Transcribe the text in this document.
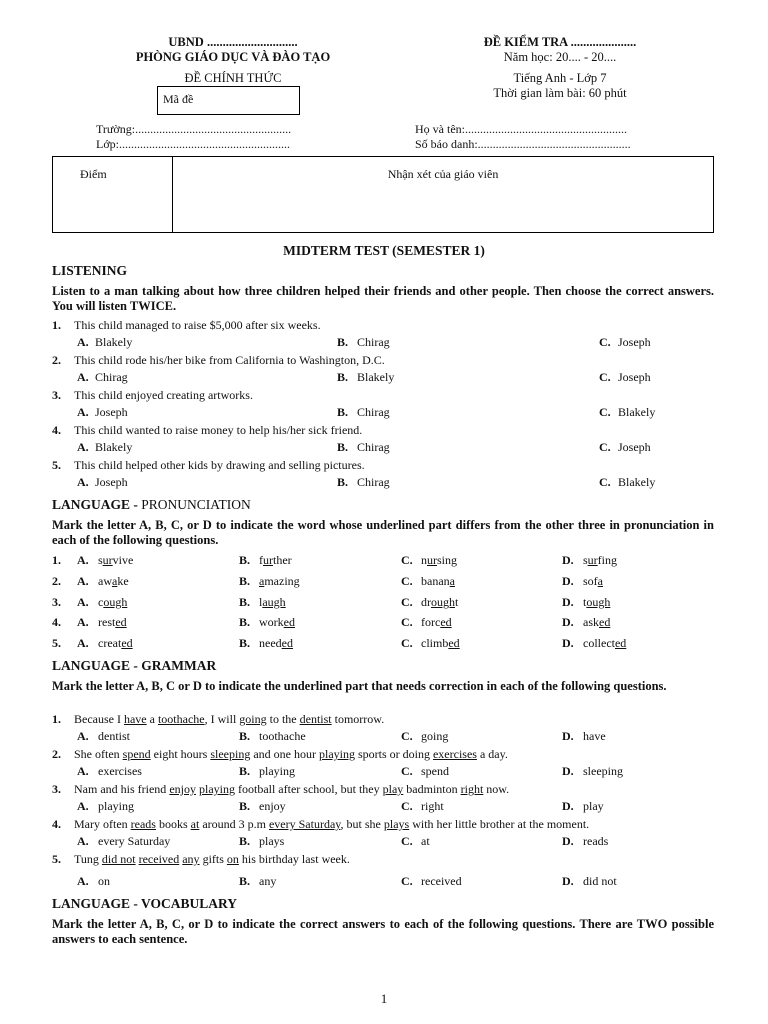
UBND .............................
PHÒNG GIÁO DỤC VÀ ĐÀO TẠO
ĐỀ CHÍNH THỨC
Mã đề
ĐỀ KIỂM TRA .....................
Năm học: 20.... - 20....
Tiếng Anh - Lớp 7
Thời gian làm bài: 60 phút
Trường:....................................................
Lớp:.........................................................
Họ và tên:......................................................
Số báo danh:...................................................
Điểm	Nhận xét của giáo viên
MIDTERM TEST (SEMESTER 1)
LISTENING
Listen to a man talking about how three children helped their friends and other people. Then choose the correct answers. You will listen TWICE.
1. This child managed to raise $5,000 after six weeks.
A. Blakely	B. Chirag	C. Joseph
2. This child rode his/her bike from California to Washington, D.C.
A. Chirag	B. Blakely	C. Joseph
3. This child enjoyed creating artworks.
A. Joseph	B. Chirag	C. Blakely
4. This child wanted to raise money to help his/her sick friend.
A. Blakely	B. Chirag	C. Joseph
5. This child helped other kids by drawing and selling pictures.
A. Joseph	B. Chirag	C. Blakely
LANGUAGE - PRONUNCIATION
Mark the letter A, B, C, or D to indicate the word whose underlined part differs from the other three in pronunciation in each of the following questions.
1. A. survive	B. further	C. nursing	D. surfing
2. A. awake	B. amazing	C. banana	D. sofa
3. A. cough	B. laugh	C. drought	D. tough
4. A. rested	B. worked	C. forced	D. asked
5. A. created	B. needed	C. climbed	D. collected
LANGUAGE - GRAMMAR
Mark the letter A, B, C or D to indicate the underlined part that needs correction in each of the following questions.
1. Because I have a toothache, I will going to the dentist tomorrow.
A. dentist	B. toothache	C. going	D. have
2. She often spend eight hours sleeping and one hour playing sports or doing exercises a day.
A. exercises	B. playing	C. spend	D. sleeping
3. Nam and his friend enjoy playing football after school, but they play badminton right now.
A. playing	B. enjoy	C. right	D. play
4. Mary often reads books at around 3 p.m every Saturday, but she plays with her little brother at the moment.
A. every Saturday	B. plays	C. at	D. reads
5. Tung did not received any gifts on his birthday last week.
A. on	B. any	C. received	D. did not
LANGUAGE - VOCABULARY
Mark the letter A, B, C, or D to indicate the correct answers to each of the following questions. There are TWO possible answers to each sentence.
1
